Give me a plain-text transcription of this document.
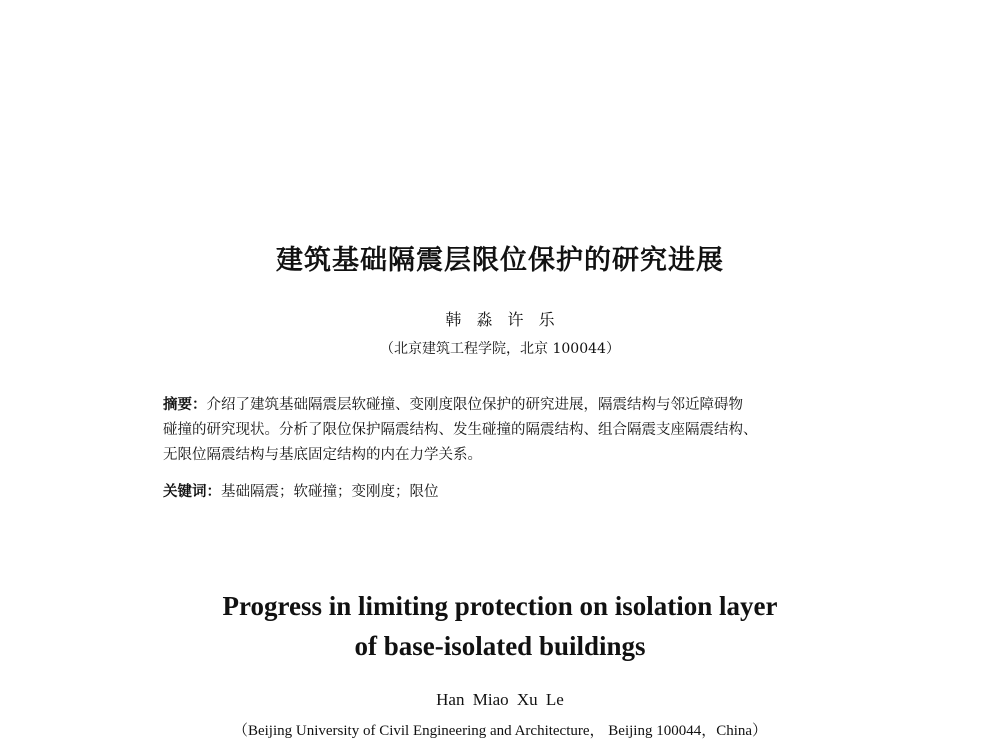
建筑基础隔震层限位保护的研究进展
韩 淼 许 乐
（北京建筑工程学院，北京 100044）
摘要：介绍了建筑基础隔震层软碰撞、变刚度限位保护的研究进展，隔震结构与邻近障碍物
碰撞的研究现状。分析了限位保护隔震结构、发生碰撞的隔震结构、组合隔震支座隔震结构、
无限位隔震结构与基底固定结构的内在力学关系。
关键词：基础隔震；软碰撞；变刚度；限位
Progress in limiting protection on isolation layer
of base-isolated buildings
Han Miao Xu Le
（Beijing University of Civil Engineering and Architecture， Beijing 100044，China）
